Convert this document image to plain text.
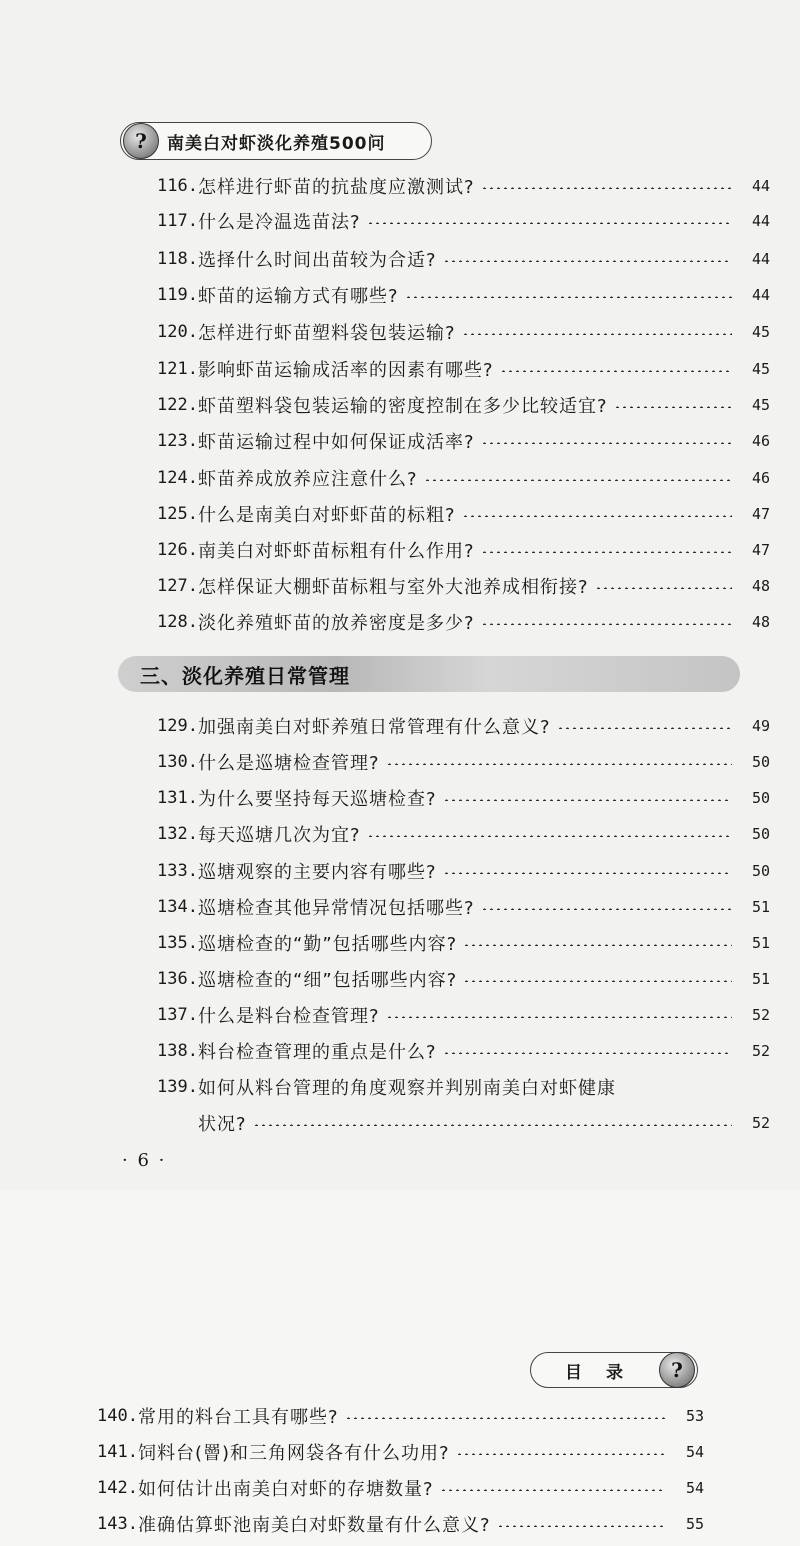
?	南美白对虾淡化养殖500问
116. 怎样进行虾苗的抗盐度应激测试?	44
117. 什么是冷温选苗法?	44
118. 选择什么时间出苗较为合适?	44
119. 虾苗的运输方式有哪些?	44
120. 怎样进行虾苗塑料袋包装运输?	45
121. 影响虾苗运输成活率的因素有哪些?	45
122. 虾苗塑料袋包装运输的密度控制在多少比较适宜?	45
123. 虾苗运输过程中如何保证成活率?	46
124. 虾苗养成放养应注意什么?	46
125. 什么是南美白对虾虾苗的标粗?	47
126. 南美白对虾虾苗标粗有什么作用?	47
127. 怎样保证大棚虾苗标粗与室外大池养成相衔接?	48
128. 淡化养殖虾苗的放养密度是多少?	48
三、淡化养殖日常管理
129. 加强南美白对虾养殖日常管理有什么意义?	49
130. 什么是巡塘检查管理?	50
131. 为什么要坚持每天巡塘检查?	50
132. 每天巡塘几次为宜?	50
133. 巡塘观察的主要内容有哪些?	50
134. 巡塘检查其他异常情况包括哪些?	51
135. 巡塘检查的“勤”包括哪些内容?	51
136. 巡塘检查的“细”包括哪些内容?	51
137. 什么是料台检查管理?	52
138. 料台检查管理的重点是什么?	52
139. 如何从料台管理的角度观察并判别南美白对虾健康
状况?	52
· 6 ·
目录	?
140. 常用的料台工具有哪些?	53
141. 饲料台(罾)和三角网袋各有什么功用?	54
142. 如何估计出南美白对虾的存塘数量?	54
143. 准确估算虾池南美白对虾数量有什么意义?	55
